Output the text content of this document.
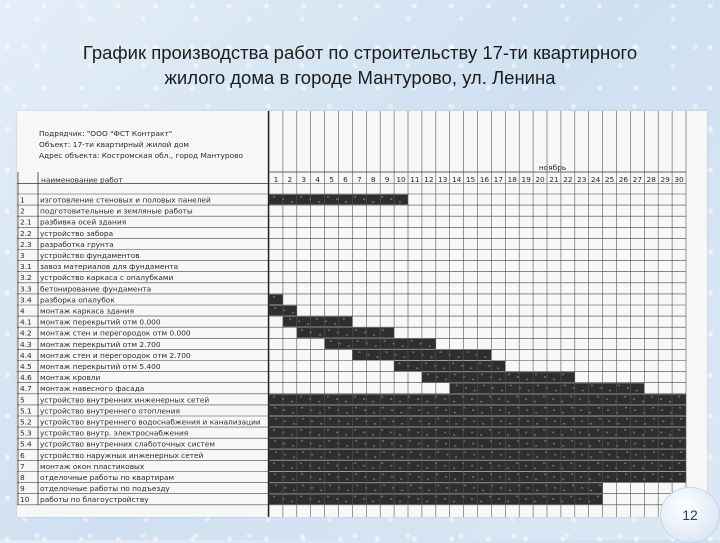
График производства работ по строительству 17-ти квартирного
жилого дома в городе Мантурово, ул. Ленина
Подрядчик: "ООО "ФСТ Контракт"
Объект: 17-ти квартирный жилой дом
Адрес объекта: Костромская обл., город Мантурово
ноябрь
наименование работ	1 2 3 4 5 6 7 8 9 10 11 12 13 14 15 16 17 18 19 20 21 22 23 24 25 26 27 28 29 30
1 изготовление стеновых и половых панелей
2 подготовительные и земляные работы
2.1 разбивка осей здания
2.2 устройство забора
2.3 разработка грунта
3 устройство фундаментов
3.1 завоз материалов для фундамента
3.2 устройство каркаса с опалубками
3.3 бетонирование фундамента
3.4 разборка опалубок
4 монтаж каркаса здания
4.1 монтаж перекрытий отм 0.000
4.2 монтаж стен и перегородок отм 0.000
4.3 монтаж перекрытий отм 2.700
4.4 монтаж стен и перегородок отм 2.700
4.5 монтаж перекрытий отм 5.400
4.6 монтаж кровли
4.7 монтаж навесного фасада
5 устройство внутренних инженерных сетей
5.1 устройство внутреннего отопления
5.2 устройство внутреннего водоснабжения и канализации
5.3 устройство внутр. электроснабжения
5.4 устройство внутренних слаботочных систем
6 устройство наружных инженерных сетей
7 монтаж окон пластиковых
8 отделочные работы по квартирам
9 отделочные работы по подъезду
10 работы по благоустройству
12
